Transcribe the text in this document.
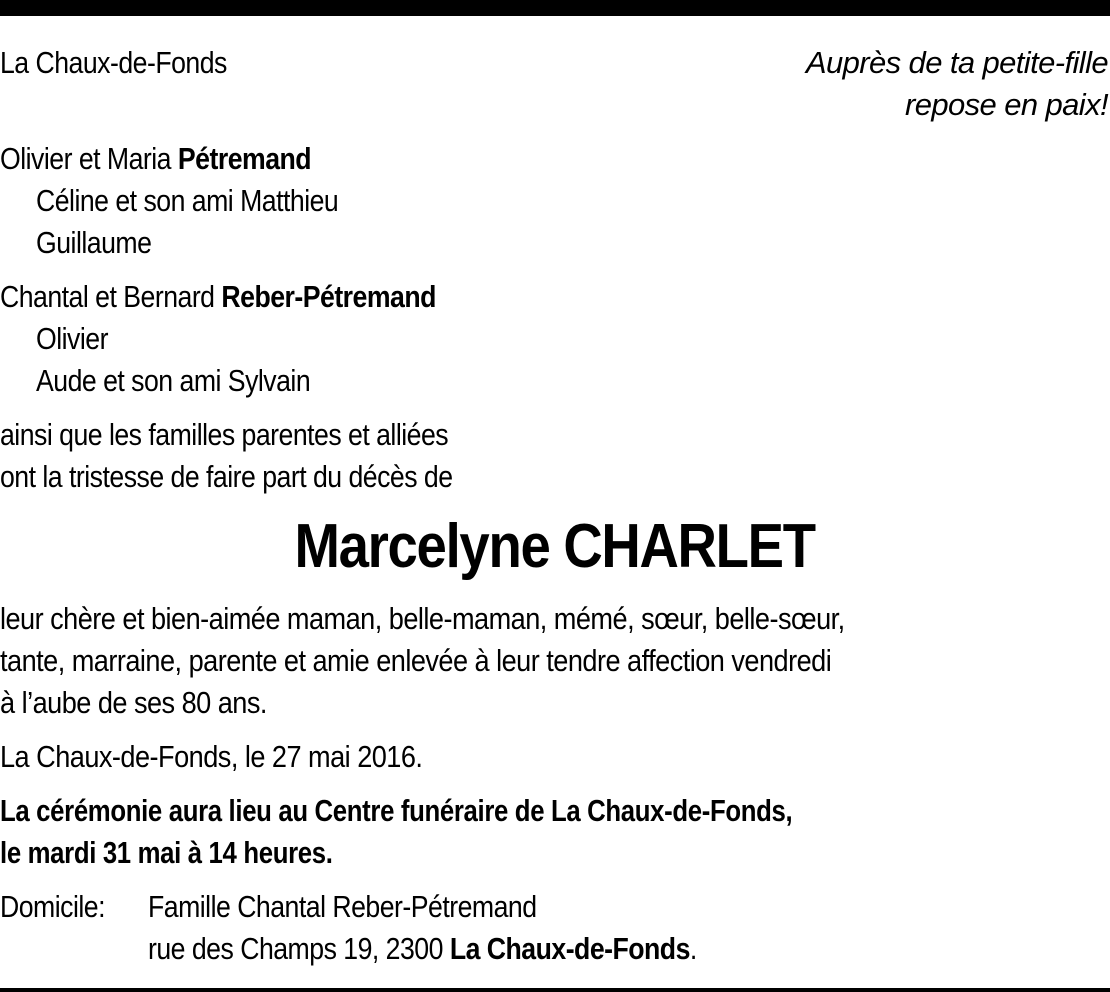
La Chaux-de-Fonds	Auprès de ta petite-fille
repose en paix!
Olivier et Maria Pétremand
Céline et son ami Matthieu
Guillaume
Chantal et Bernard Reber-Pétremand
Olivier
Aude et son ami Sylvain
ainsi que les familles parentes et alliées
ont la tristesse de faire part du décès de
Marcelyne CHARLET
leur chère et bien-aimée maman, belle-maman, mémé, sœur, belle-sœur,
tante, marraine, parente et amie enlevée à leur tendre affection vendredi
à l’aube de ses 80 ans.
La Chaux-de-Fonds, le 27 mai 2016.
La cérémonie aura lieu au Centre funéraire de La Chaux-de-Fonds,
le mardi 31 mai à 14 heures.
Domicile:	Famille Chantal Reber-Pétremand
rue des Champs 19, 2300 La Chaux-de-Fonds.
